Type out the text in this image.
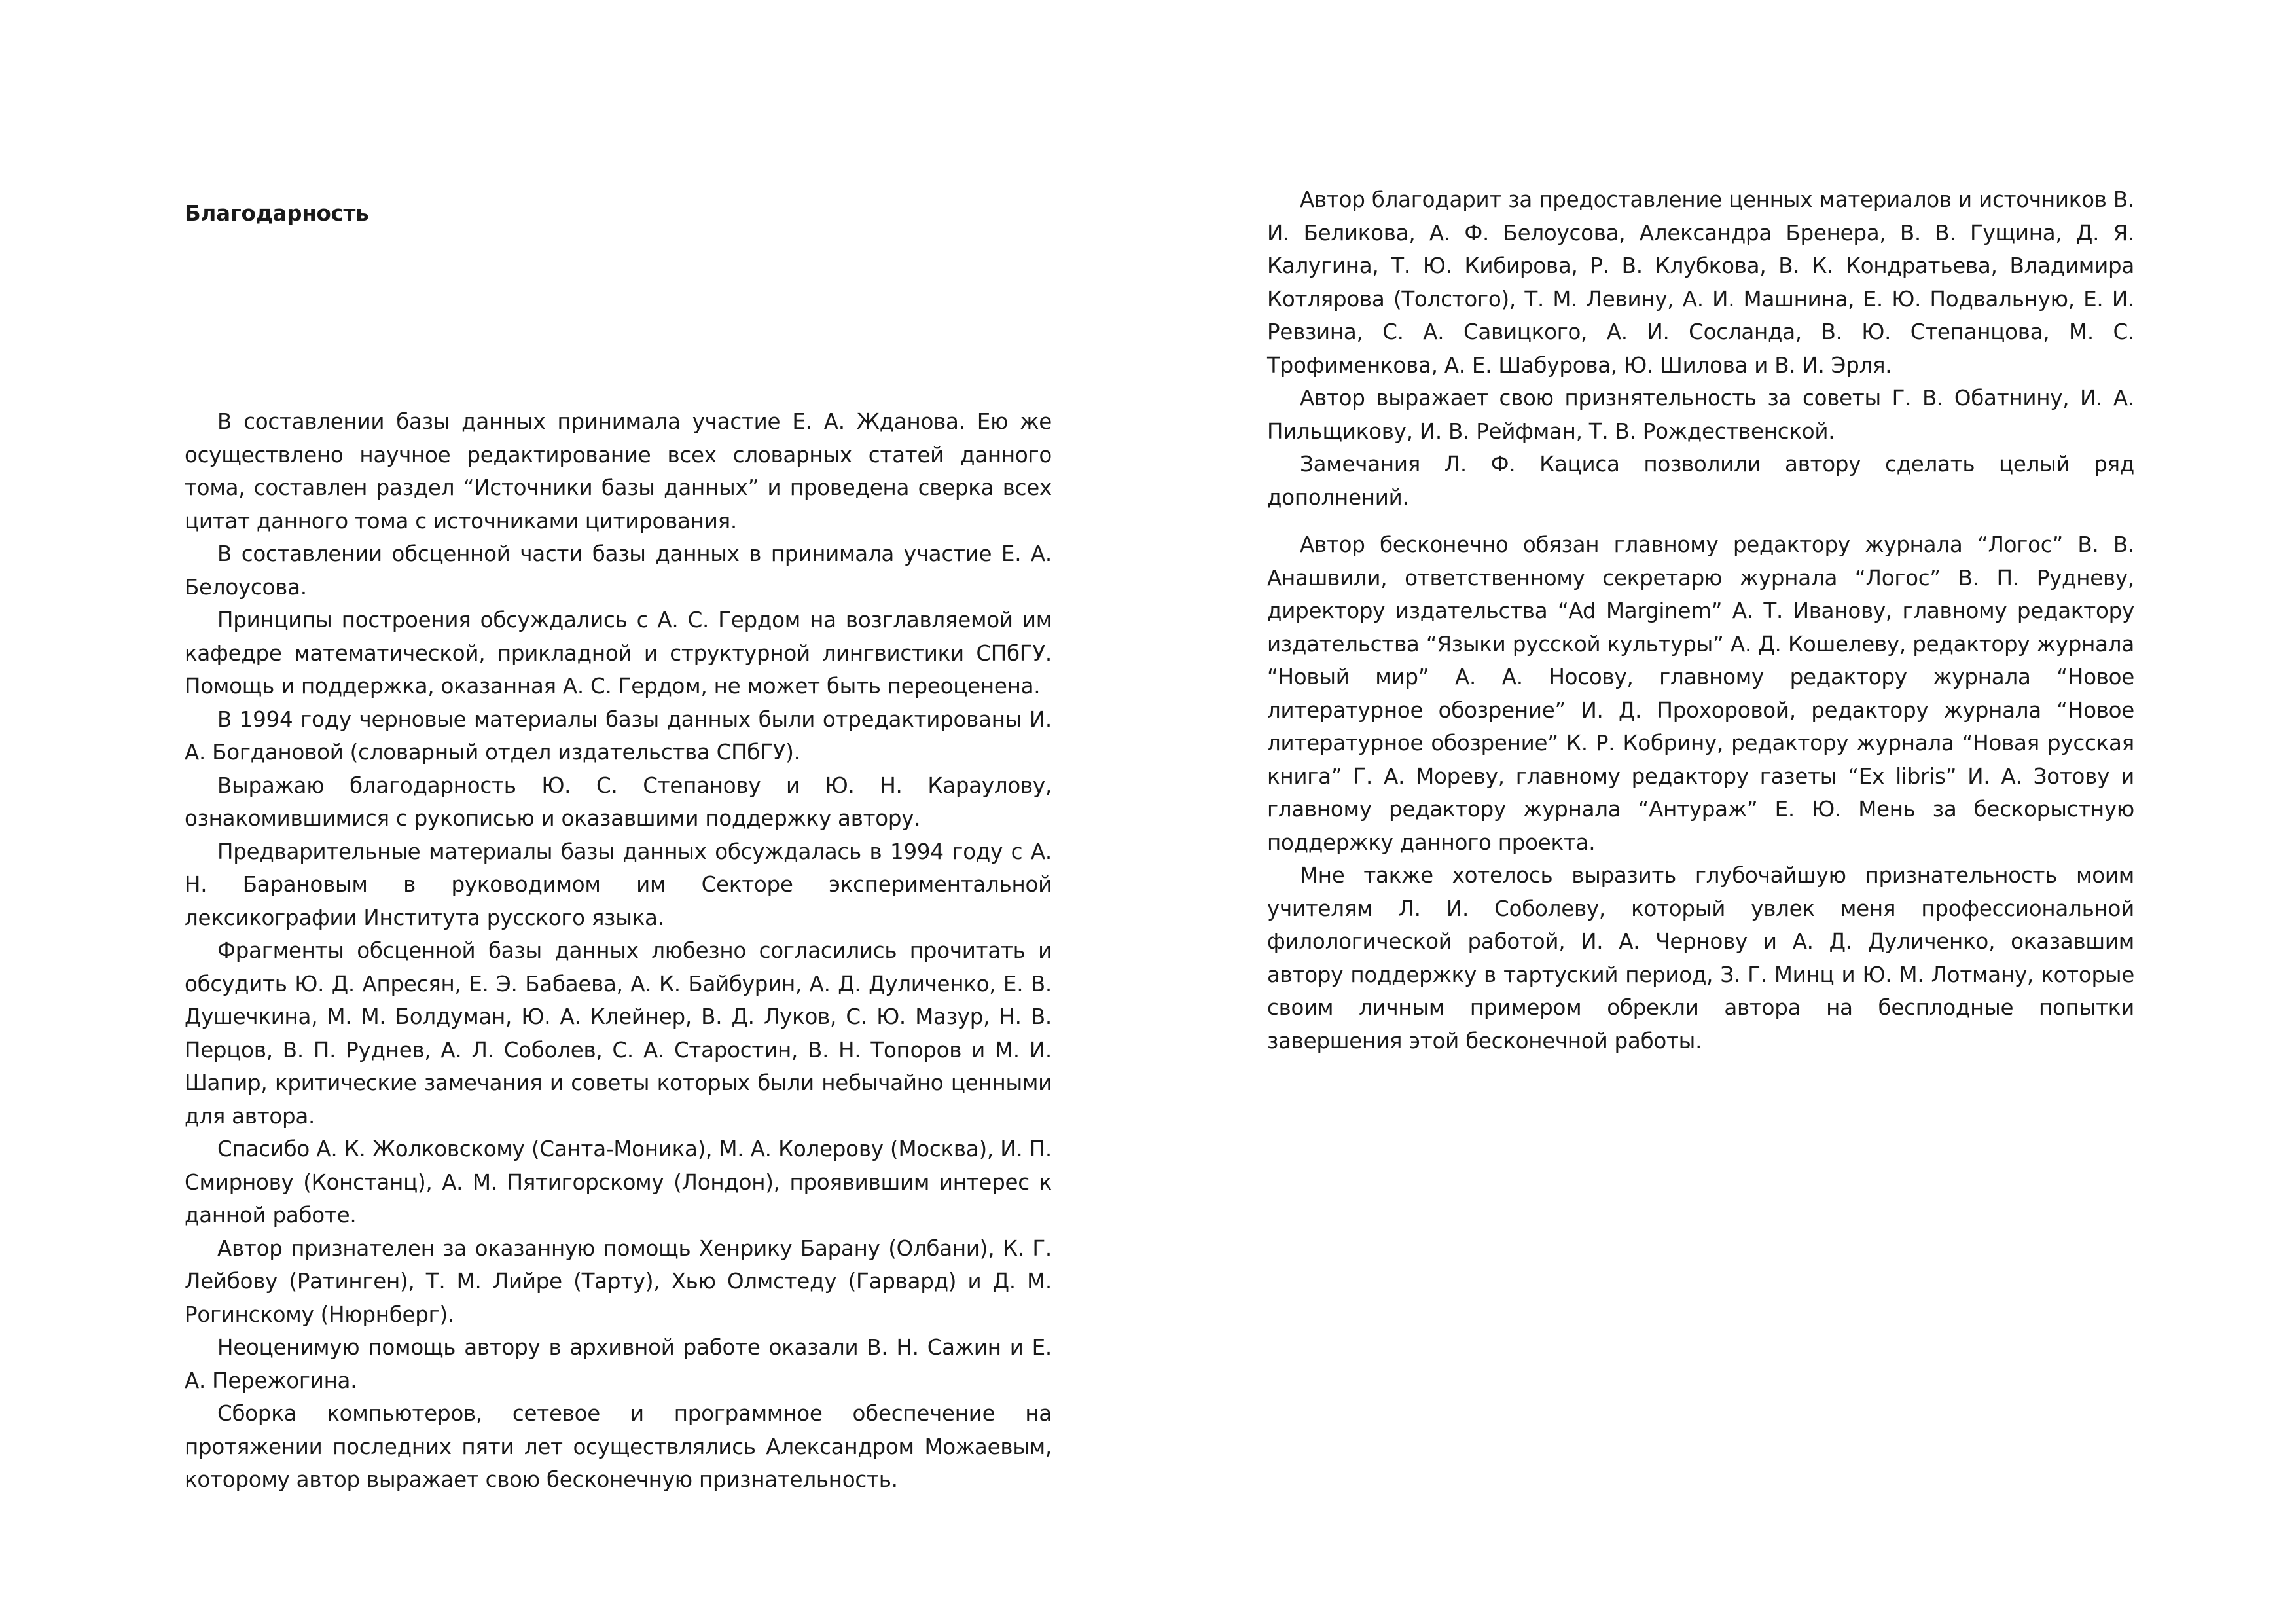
Благодарность

В составлении базы данных принимала участие Е. А. Жданова. Ею же осуществлено научное редактирование всех словарных статей данного тома, составлен раздел “Источники базы данных” и проведена сверка всех цитат данного тома с источниками цитирования.

В составлении обсценной части базы данных в принимала участие Е. А. Белоусова.

Принципы построения обсуждались с А. С. Гердом на возглавляемой им кафедре математической, прикладной и структурной лингвистики СПбГУ. Помощь и поддержка, оказанная А. С. Гердом, не может быть переоценена.

В 1994 году черновые материалы базы данных были отредактированы И. А. Богдановой (словарный отдел издательства СПбГУ).

Выражаю благодарность Ю. С. Степанову и Ю. Н. Караулову, ознакомившимися с рукописью и оказавшими поддержку автору.

Предварительные материалы базы данных обсуждалась в 1994 году с А. Н. Барановым в руководимом им Секторе экспериментальной лексикографии Института русского языка.

Фрагменты обсценной базы данных любезно согласились прочитать и обсудить Ю. Д. Апресян, Е. Э. Бабаева, А. К. Байбурин, А. Д. Дуличенко, Е. В. Душечкина, М. М. Болдуман, Ю. А. Клейнер, В. Д. Луков, С. Ю. Мазур, Н. В. Перцов, В. П. Руднев, А. Л. Соболев, С. А. Старостин, В. Н. Топоров и М. И. Шапир, критические замечания и советы которых были небычайно ценными для автора.

Спасибо А. К. Жолковскому (Санта-Моника), М. А. Колерову (Москва), И. П. Смирнову (Констанц), А. М. Пятигорскому (Лондон), проявившим интерес к данной работе.

Автор признателен за оказанную помощь Хенрику Барану (Олбани), К. Г. Лейбову (Ратинген), Т. М. Лийре (Тарту), Хью Олмстеду (Гарвард) и Д. М. Рогинскому (Нюрнберг).

Неоценимую помощь автору в архивной работе оказали В. Н. Сажин и Е. А. Пережогина.

Сборка компьютеров, сетевое и программное обеспечение на протяжении последних пяти лет осуществлялись Александром Можаевым, которому автор выражает свою бесконечную признательность.

Автор благодарит за предоставление ценных материалов и источников В. И. Беликова, А. Ф. Белоусова, Александра Бренера, В. В. Гущина, Д. Я. Калугина, Т. Ю. Кибирова, Р. В. Клубкова, В. К. Кондратьева, Владимира Котлярова (Толстого), Т. М. Левину, А. И. Машнина, Е. Ю. Подвальную, Е. И. Ревзина, С. А. Савицкого, А. И. Сосланда, В. Ю. Степанцова, М. С. Трофименкова, А. Е. Шабурова, Ю. Шилова и В. И. Эрля.

Автор выражает свою признятельность за советы Г. В. Обатнину, И. А. Пильщикову, И. В. Рейфман, Т. В. Рождественской.

Замечания Л. Ф. Кациса позволили автору сделать целый ряд дополнений.

Автор бесконечно обязан главному редактору журнала “Логос” В. В. Анашвили, ответственному секретарю журнала “Логос” В. П. Рудневу, директору издательства “Ad Marginem” А. Т. Иванову, главному редактору издательства “Языки русской культуры” А. Д. Кошелеву, редактору журнала “Новый мир” А. А. Носову, главному редактору журнала “Новое литературное обозрение” И. Д. Прохоровой, редактору журнала “Новое литературное обозрение” К. Р. Кобрину, редактору журнала “Новая русская книга” Г. А. Мореву, главному редактору газеты “Ex libris” И. А. Зотову и главному редактору журнала “Антураж” Е. Ю. Мень за бескорыстную поддержку данного проекта.

Мне также хотелось выразить глубочайшую признательность моим учителям Л. И. Соболеву, который увлек меня профессиональной филологической работой, И. А. Чернову и А. Д. Дуличенко, оказавшим автору поддержку в тартуский период, З. Г. Минц и Ю. М. Лотману, которые своим личным примером обрекли автора на бесплодные попытки завершения этой бесконечной работы.
